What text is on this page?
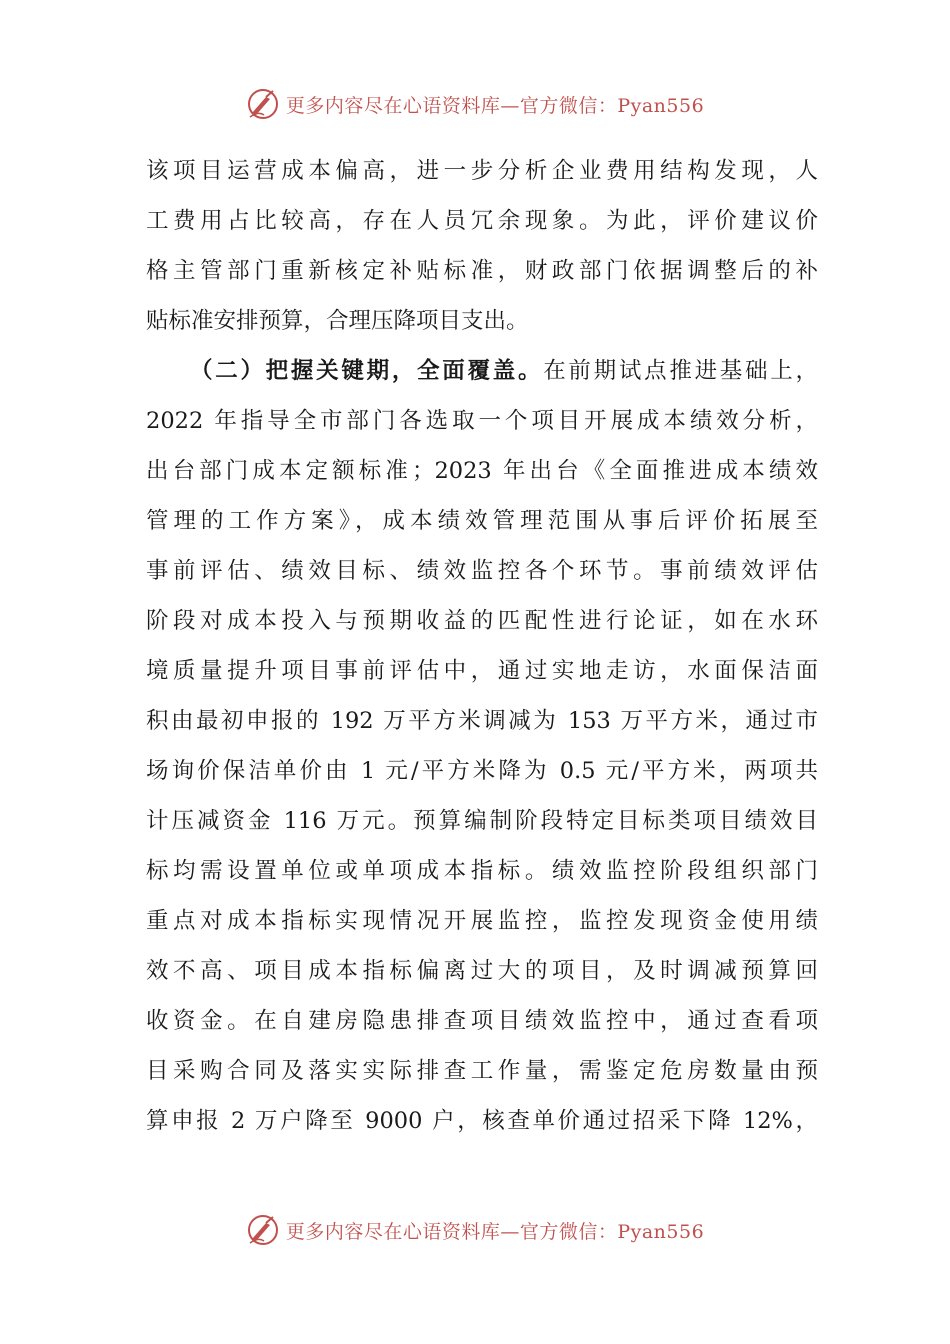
更多内容尽在心语资料库—官方微信：Pyan556
该项目运营成本偏高，进一步分析企业费用结构发现，人
工费用占比较高，存在人员冗余现象。为此，评价建议价
格主管部门重新核定补贴标准，财政部门依据调整后的补
贴标准安排预算，合理压降项目支出。
（二）把握关键期，全面覆盖。在前期试点推进基础上，
2022 年指导全市部门各选取一个项目开展成本绩效分析，
出台部门成本定额标准；2023 年出台《全面推进成本绩效
管理的工作方案》，成本绩效管理范围从事后评价拓展至
事前评估、绩效目标、绩效监控各个环节。事前绩效评估
阶段对成本投入与预期收益的匹配性进行论证，如在水环
境质量提升项目事前评估中，通过实地走访，水面保洁面
积由最初申报的 192 万平方米调减为 153 万平方米，通过市
场询价保洁单价由 1 元/平方米降为 0.5 元/平方米，两项共
计压减资金 116 万元。预算编制阶段特定目标类项目绩效目
标均需设置单位或单项成本指标。绩效监控阶段组织部门
重点对成本指标实现情况开展监控，监控发现资金使用绩
效不高、项目成本指标偏离过大的项目，及时调减预算回
收资金。在自建房隐患排查项目绩效监控中，通过查看项
目采购合同及落实实际排查工作量，需鉴定危房数量由预
算申报 2 万户降至 9000 户，核查单价通过招采下降 12%，
更多内容尽在心语资料库—官方微信：Pyan556
